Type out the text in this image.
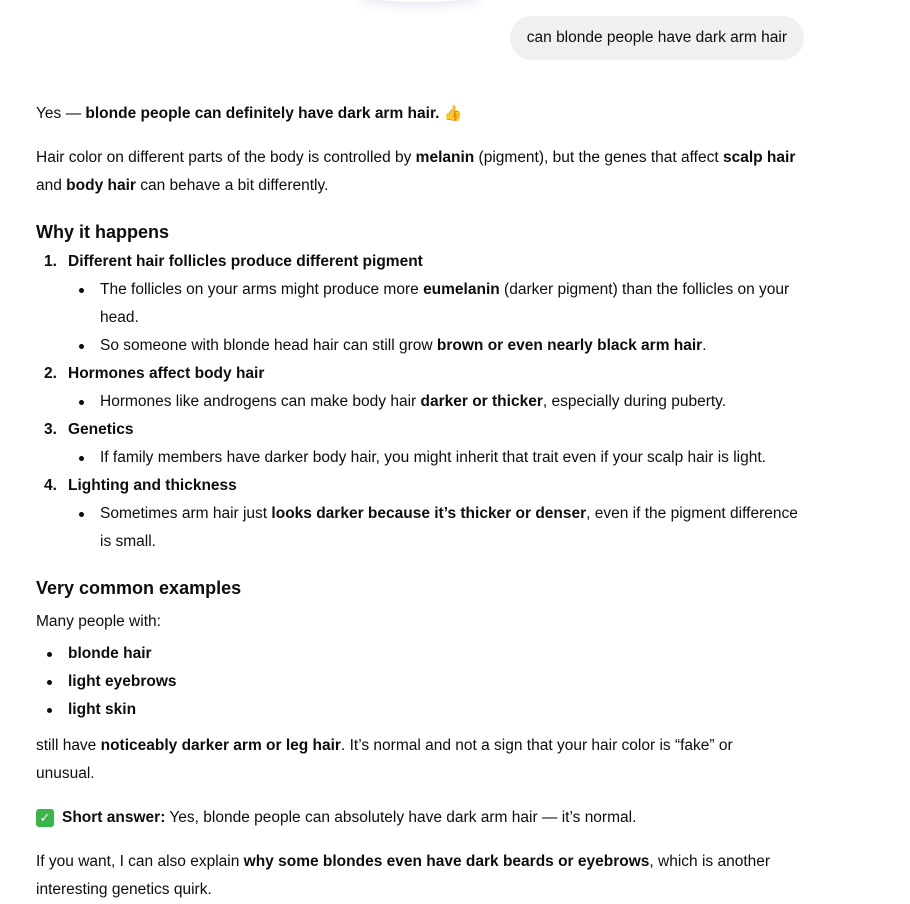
can blonde people have dark arm hair

Yes — blonde people can definitely have dark arm hair. 👍

Hair color on different parts of the body is controlled by melanin (pigment), but the genes that affect scalp hair and body hair can behave a bit differently.

Why it happens
1. Different hair follicles produce different pigment
The follicles on your arms might produce more eumelanin (darker pigment) than the follicles on your head.
So someone with blonde head hair can still grow brown or even nearly black arm hair.
2. Hormones affect body hair
Hormones like androgens can make body hair darker or thicker, especially during puberty.
3. Genetics
If family members have darker body hair, you might inherit that trait even if your scalp hair is light.
4. Lighting and thickness
Sometimes arm hair just looks darker because it’s thicker or denser, even if the pigment difference is small.
Very common examples

Many people with:

blonde hair
light eyebrows
light skin

still have noticeably darker arm or leg hair. It’s normal and not a sign that your hair color is “fake” or unusual.

✓ Short answer: Yes, blonde people can absolutely have dark arm hair — it’s normal.

If you want, I can also explain why some blondes even have dark beards or eyebrows, which is another interesting genetics quirk.
